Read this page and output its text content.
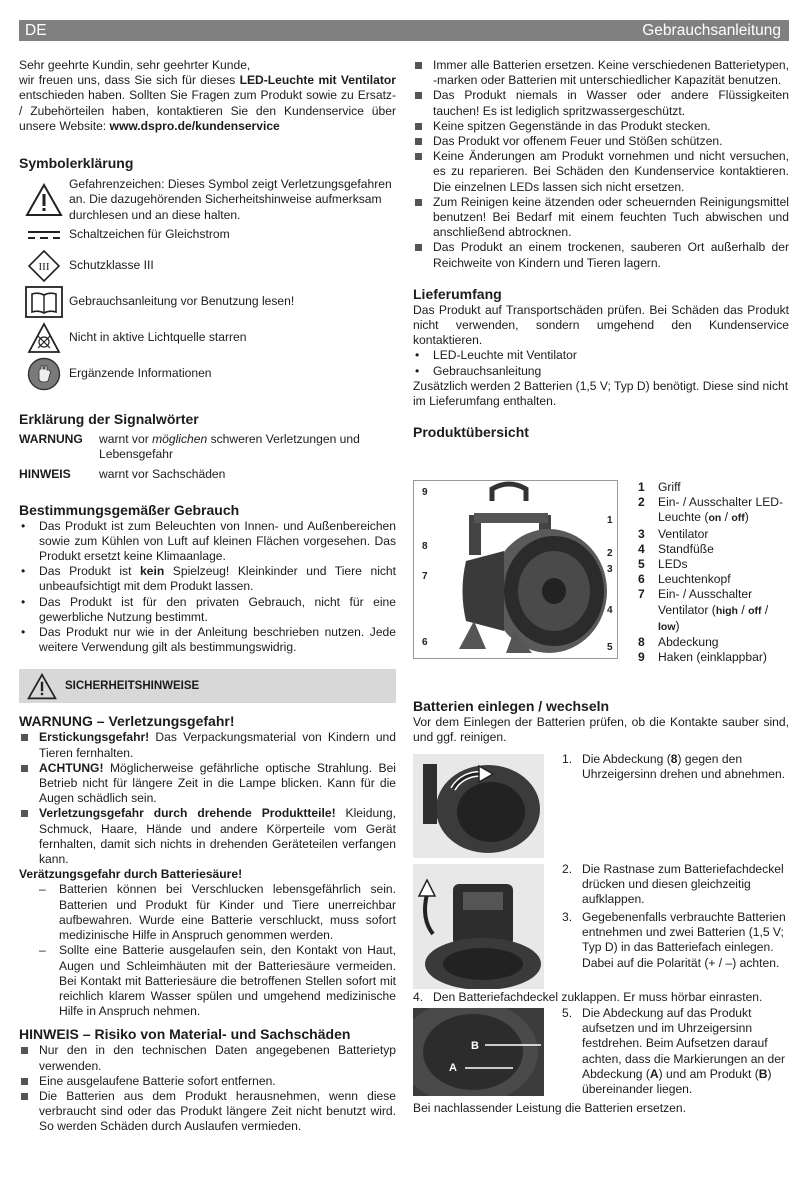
DE	Gebrauchsanleitung

Sehr geehrte Kundin, sehr geehrter Kunde,

wir freuen uns, dass Sie sich für dieses LED-Leuchte mit Ventilator entschieden haben. Sollten Sie Fragen zum Produkt sowie zu Ersatz- / Zubehörteilen haben, kontaktieren Sie den Kundenservice über unsere Website: www.dspro.de/kundenservice

Symbolerklärung
Gefahrenzeichen: Dieses Symbol zeigt Verletzungsgefahren an. Die dazugehörenden Sicherheitshinweise aufmerksam durchlesen und an diese halten.
Schaltzeichen für Gleichstrom
III Schutzklasse III
Gebrauchsanleitung vor Benutzung lesen!
Nicht in aktive Lichtquelle starren
Ergänzende Informationen
Erklärung der Signalwörter
WARNUNG	warnt vor möglichen schweren Verletzungen und Lebensgefahr
HINWEIS	warnt vor Sachschäden
Bestimmungsgemäßer Gebrauch
• Das Produkt ist zum Beleuchten von Innen- und Außenbereichen sowie zum Kühlen von Luft auf kleinen Flächen vorgesehen. Das Produkt ersetzt keine Klimaanlage.
• Das Produkt ist kein Spielzeug! Kleinkinder und Tiere nicht unbeaufsichtigt mit dem Produkt lassen.
• Das Produkt ist für den privaten Gebrauch, nicht für eine gewerbliche Nutzung bestimmt.
• Das Produkt nur wie in der Anleitung beschrieben nutzen. Jede weitere Verwendung gilt als bestimmungswidrig.
SICHERHEITSHINWEISE
WARNUNG – Verletzungsgefahr!
Erstickungsgefahr! Das Verpackungsmaterial von Kindern und Tieren fernhalten.
ACHTUNG! Möglicherweise gefährliche optische Strahlung. Bei Betrieb nicht für längere Zeit in die Lampe blicken. Kann für die Augen schädlich sein.
Verletzungsgefahr durch drehende Produktteile! Kleidung, Schmuck, Haare, Hände und andere Körperteile vom Gerät fernhalten, damit sich nichts in drehenden Geräteteilen verfangen kann.

Verätzungsgefahr durch Batteriesäure!

– Batterien können bei Verschlucken lebensgefährlich sein. Batterien und Produkt für Kinder und Tiere unerreichbar aufbewahren. Wurde eine Batterie verschluckt, muss sofort medizinische Hilfe in Anspruch genommen werden.
– Sollte eine Batterie ausgelaufen sein, den Kontakt von Haut, Augen und Schleimhäuten mit der Batteriesäure vermeiden. Bei Kontakt mit Batteriesäure die betroffenen Stellen sofort mit reichlich klarem Wasser spülen und umgehend medizinische Hilfe in Anspruch nehmen.
HINWEIS – Risiko von Material- und Sachschäden
Nur den in den technischen Daten angegebenen Batterietyp verwenden.
Eine ausgelaufene Batterie sofort entfernen.
Die Batterien aus dem Produkt herausnehmen, wenn diese verbraucht sind oder das Produkt längere Zeit nicht benutzt wird. So werden Schäden durch Auslaufen vermieden.
Immer alle Batterien ersetzen. Keine verschiedenen Batterietypen, -marken oder Batterien mit unterschiedlicher Kapazität benutzen.
Das Produkt niemals in Wasser oder andere Flüssigkeiten tauchen! Es ist lediglich spritzwassergeschützt.
Keine spitzen Gegenstände in das Produkt stecken.
Das Produkt vor offenem Feuer und Stößen schützen.
Keine Änderungen am Produkt vornehmen und nicht versuchen, es zu reparieren. Bei Schäden den Kundenservice kontaktieren. Die einzelnen LEDs lassen sich nicht ersetzen.
Zum Reinigen keine ätzenden oder scheuernden Reinigungsmittel benutzen! Bei Bedarf mit einem feuchten Tuch abwischen und anschließend abtrocknen.
Das Produkt an einem trockenen, sauberen Ort außerhalb der Reichweite von Kindern und Tieren lagern.
Lieferumfang

Das Produkt auf Transportschäden prüfen. Bei Schäden das Produkt nicht verwenden, sondern umgehend den Kundenservice kontaktieren.

• LED-Leuchte mit Ventilator
• Gebrauchsanleitung

Zusätzlich werden 2 Batterien (1,5 V; Typ D) benötigt. Diese sind nicht im Lieferumfang enthalten.

Produktübersicht
9
1
8
2
3
7
4
6	5
1	Griff
2	Ein- / Ausschalter LED-Leuchte (on / off)
3	Ventilator
4	Standfüße
5	LEDs
6	Leuchtenkopf
7	Ein- / Ausschalter Ventilator (high / off / low)
8	Abdeckung
9	Haken (einklappbar)
Batterien einlegen / wechseln

Vor dem Einlegen der Batterien prüfen, ob die Kontakte sauber sind, und ggf. reinigen.

1. Die Abdeckung (8) gegen den Uhrzeigersinn drehen und abnehmen.
2. Die Rastnase zum Batteriefachdeckel drücken und diesen gleichzeitig aufklappen.
3. Gegebenenfalls verbrauchte Batterien entnehmen und zwei Batterien (1,5 V; Typ D) in das Batteriefach einlegen. Dabei auf die Polarität (+ / –) achten.
4. Den Batteriefachdeckel zuklappen. Er muss hörbar einrasten.
B
A
5. Die Abdeckung auf das Produkt aufsetzen und im Uhrzeigersinn festdrehen. Beim Aufsetzen darauf achten, dass die Markierungen an der Abdeckung (A) und am Produkt (B) übereinander liegen.

Bei nachlassender Leistung die Batterien ersetzen.
